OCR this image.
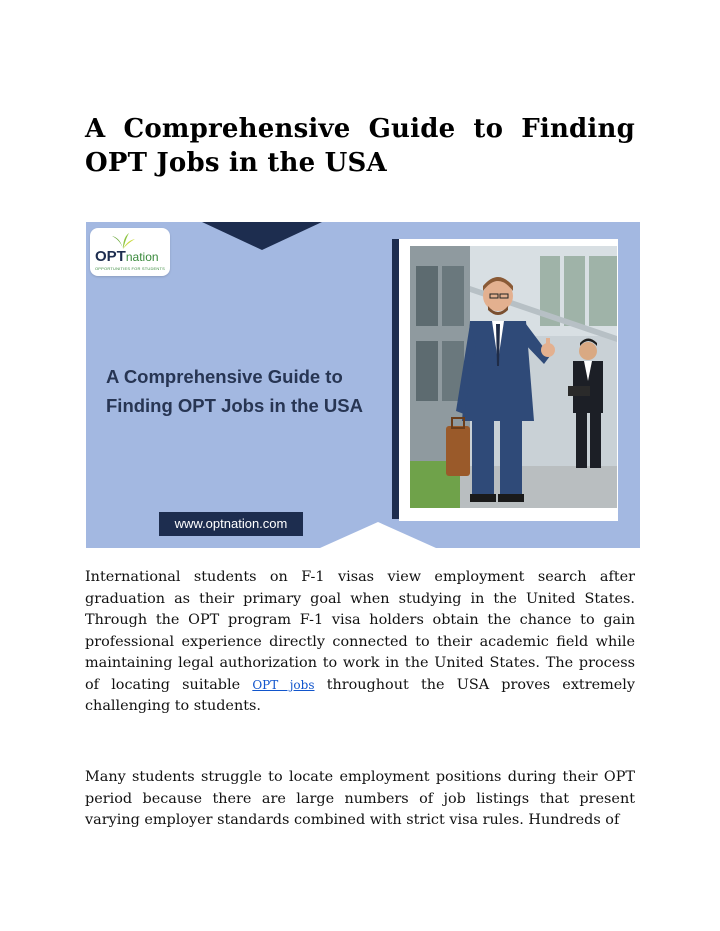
A Comprehensive Guide to Finding OPT Jobs in the USA
OPTnation
OPPORTUNITIES FOR STUDENTS
A Comprehensive Guide to Finding OPT Jobs in the USA
www.optnation.com

International students on F-1 visas view employment search after graduation as their primary goal when studying in the United States. Through the OPT program F-1 visa holders obtain the chance to gain professional experience directly connected to their academic field while maintaining legal authorization to work in the United States. The process of locating suitable OPT jobs throughout the USA proves extremely challenging to students.

Many students struggle to locate employment positions during their OPT period because there are large numbers of job listings that present varying employer standards combined with strict visa rules. Hundreds of
